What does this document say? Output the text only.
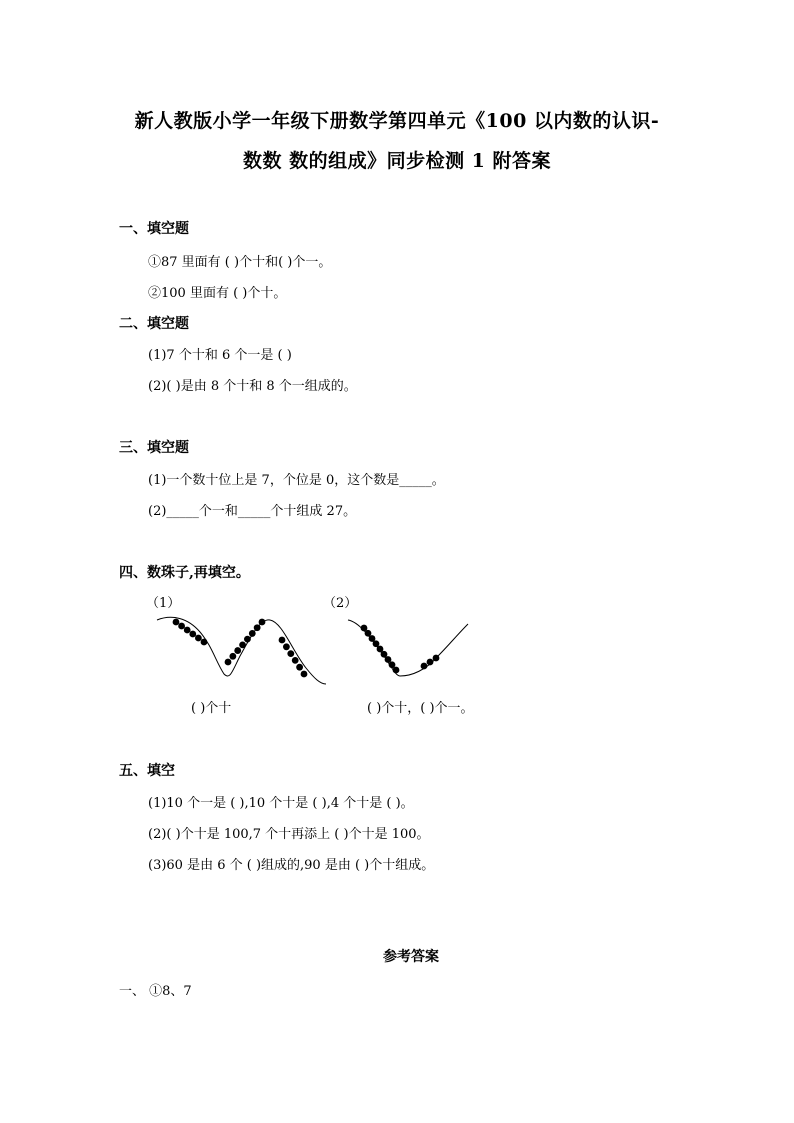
新人教版小学一年级下册数学第四单元《100 以内数的认识-
数数 数的组成》同步检测 1 附答案
一、填空题
①87 里面有 ( )个十和( )个一。
②100 里面有 ( )个十。
二、填空题
(1)7 个十和 6 个一是 ( )
(2)( )是由 8 个十和 8 个一组成的。
三、填空题
(1)一个数十位上是 7，个位是 0，这个数是_____。
(2)_____个一和_____个十组成 27。
四、数珠子,再填空。
（1）	（2）
( )个十	( )个十，( )个一。
五、填空
(1)10 个一是 ( ),10 个十是 ( ),4 个十是 ( )。
(2)( )个十是 100,7 个十再添上 ( )个十是 100。
(3)60 是由 6 个 ( )组成的,90 是由 ( )个十组成。
参考答案
一、 ①8、7
